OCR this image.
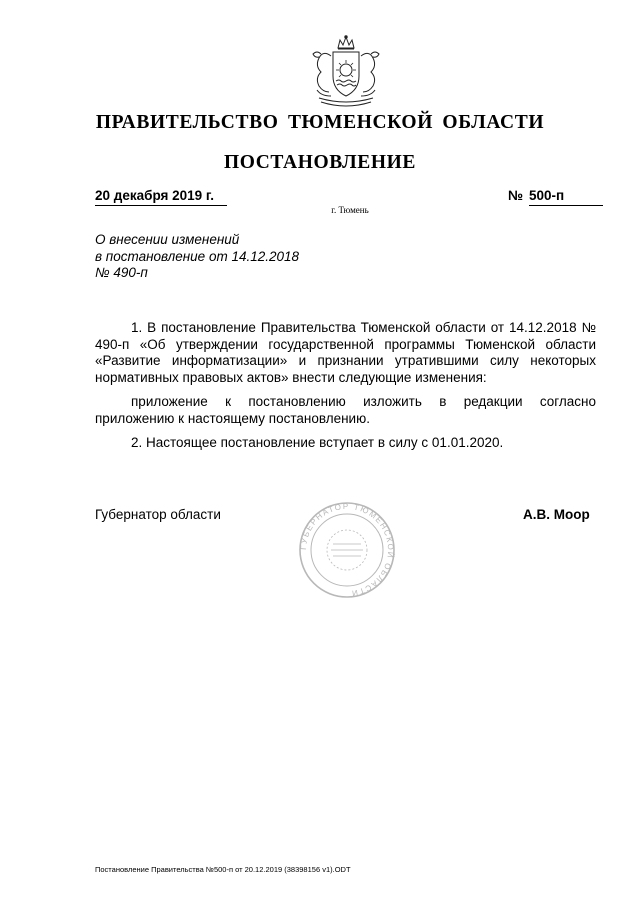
ПРАВИТЕЛЬСТВО ТЮМЕНСКОЙ ОБЛАСТИ
ПОСТАНОВЛЕНИЕ
20 декабря 2019 г.	№ 500-п
г. Тюмень
О внесении изменений
в постановление от 14.12.2018
№ 490-п

1. В постановление Правительства Тюменской области от 14.12.2018 № 490-п «Об утверждении государственной программы Тюменской области «Развитие информатизации» и признании утратившими силу некоторых нормативных правовых актов» внести следующие изменения:

приложение к постановлению изложить в редакции согласно приложению к настоящему постановлению.

2. Настоящее постановление вступает в силу с 01.01.2020.

Губернатор области
ГУБЕРНАТОР ТЮМЕНСКОЙ ОБЛАСТИ
А.В. Моор
Постановление Правительства №500-п от 20.12.2019 (38398156 v1).ODT
